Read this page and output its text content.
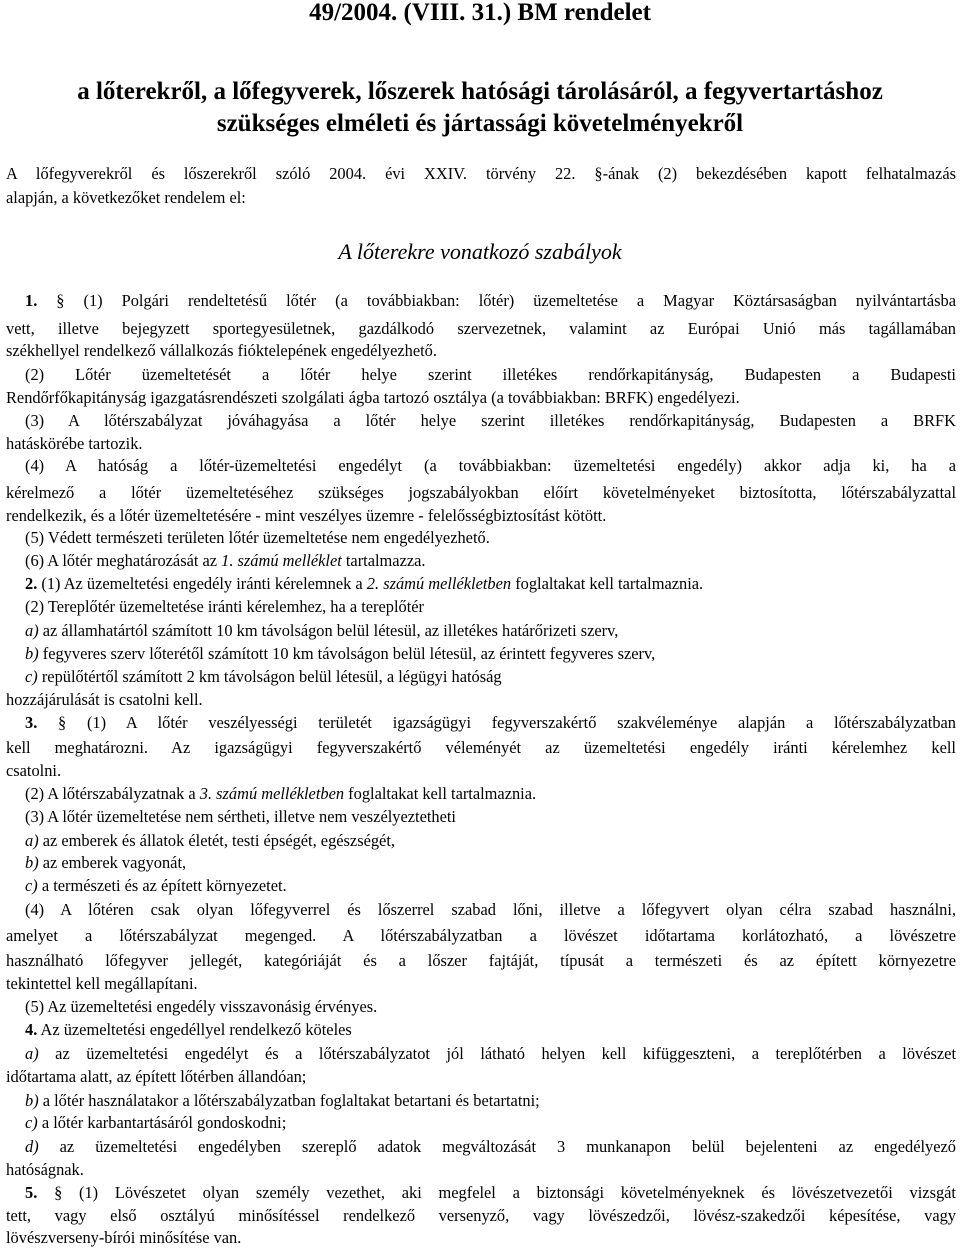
49/2004. (VIII. 31.) BM rendelet
a lőterekről, a lőfegyverek, lőszerek hatósági tárolásáról, a fegyvertartáshoz
szükséges elméleti és jártassági követelményekről
A lőfegyverekről és lőszerekről szóló 2004. évi XXIV. törvény 22. §-ának (2) bekezdésében kapott felhatalmazás
alapján, a következőket rendelem el:
A lőterekre vonatkozó szabályok
1. § (1) Polgári rendeltetésű lőtér (a továbbiakban: lőtér) üzemeltetése a Magyar Köztársaságban nyilvántartásba
vett, illetve bejegyzett sportegyesületnek, gazdálkodó szervezetnek, valamint az Európai Unió más tagállamában
székhellyel rendelkező vállalkozás fióktelepének engedélyezhető.
(2) Lőtér üzemeltetését a lőtér helye szerint illetékes rendőrkapitányság, Budapesten a Budapesti
Rendőrfőkapitányság igazgatásrendészeti szolgálati ágba tartozó osztálya (a továbbiakban: BRFK) engedélyezi.
(3) A lőtérszabályzat jóváhagyása a lőtér helye szerint illetékes rendőrkapitányság, Budapesten a BRFK
hatáskörébe tartozik.
(4) A hatóság a lőtér-üzemeltetési engedélyt (a továbbiakban: üzemeltetési engedély) akkor adja ki, ha a
kérelmező a lőtér üzemeltetéséhez szükséges jogszabályokban előírt követelményeket biztosította, lőtérszabályzattal
rendelkezik, és a lőtér üzemeltetésére - mint veszélyes üzemre - felelősségbiztosítást kötött.
(5) Védett természeti területen lőtér üzemeltetése nem engedélyezhető.
(6) A lőtér meghatározását az 1. számú melléklet tartalmazza.
2. (1) Az üzemeltetési engedély iránti kérelemnek a 2. számú mellékletben foglaltakat kell tartalmaznia.
(2) Tereplőtér üzemeltetése iránti kérelemhez, ha a tereplőtér
a) az államhatártól számított 10 km távolságon belül létesül, az illetékes határőrizeti szerv,
b) fegyveres szerv lőterétől számított 10 km távolságon belül létesül, az érintett fegyveres szerv,
c) repülőtértől számított 2 km távolságon belül létesül, a légügyi hatóság
hozzájárulását is csatolni kell.
3. § (1) A lőtér veszélyességi területét igazságügyi fegyverszakértő szakvéleménye alapján a lőtérszabályzatban
kell meghatározni. Az igazságügyi fegyverszakértő véleményét az üzemeltetési engedély iránti kérelemhez kell
csatolni.
(2) A lőtérszabályzatnak a 3. számú mellékletben foglaltakat kell tartalmaznia.
(3) A lőtér üzemeltetése nem sértheti, illetve nem veszélyeztetheti
a) az emberek és állatok életét, testi épségét, egészségét,
b) az emberek vagyonát,
c) a természeti és az épített környezetet.
(4) A lőtéren csak olyan lőfegyverrel és lőszerrel szabad lőni, illetve a lőfegyvert olyan célra szabad használni,
amelyet a lőtérszabályzat megenged. A lőtérszabályzatban a lövészet időtartama korlátozható, a lövészetre
használható lőfegyver jellegét, kategóriáját és a lőszer fajtáját, típusát a természeti és az épített környezetre
tekintettel kell megállapítani.
(5) Az üzemeltetési engedély visszavonásig érvényes.
4. Az üzemeltetési engedéllyel rendelkező köteles
a) az üzemeltetési engedélyt és a lőtérszabályzatot jól látható helyen kell kifüggeszteni, a tereplőtérben a lövészet
időtartama alatt, az épített lőtérben állandóan;
b) a lőtér használatakor a lőtérszabályzatban foglaltakat betartani és betartatni;
c) a lőtér karbantartásáról gondoskodni;
d) az üzemeltetési engedélyben szereplő adatok megváltozását 3 munkanapon belül bejelenteni az engedélyező
hatóságnak.
5. § (1) Lövészetet olyan személy vezethet, aki megfelel a biztonsági követelményeknek és lövészetvezetői vizsgát
tett, vagy első osztályú minősítéssel rendelkező versenyző, vagy lövészedzői, lövész-szakedzői képesítése, vagy
lövészverseny-bírói minősítése van.
